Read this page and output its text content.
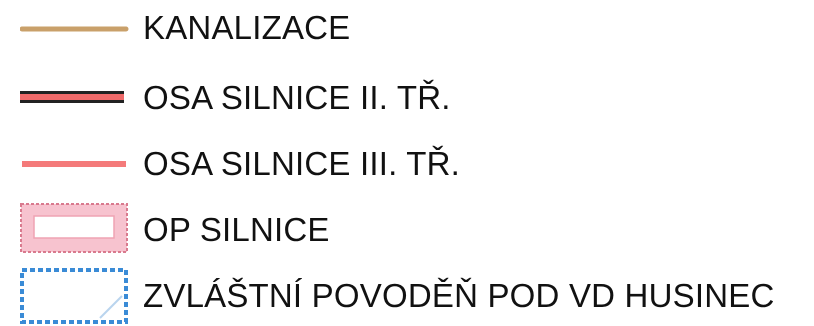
KANALIZACE
OSA SILNICE II. TŘ.
OSA SILNICE III. TŘ.
OP SILNICE
ZVLÁŠTNÍ POVODĚŇ POD VD HUSINEC
